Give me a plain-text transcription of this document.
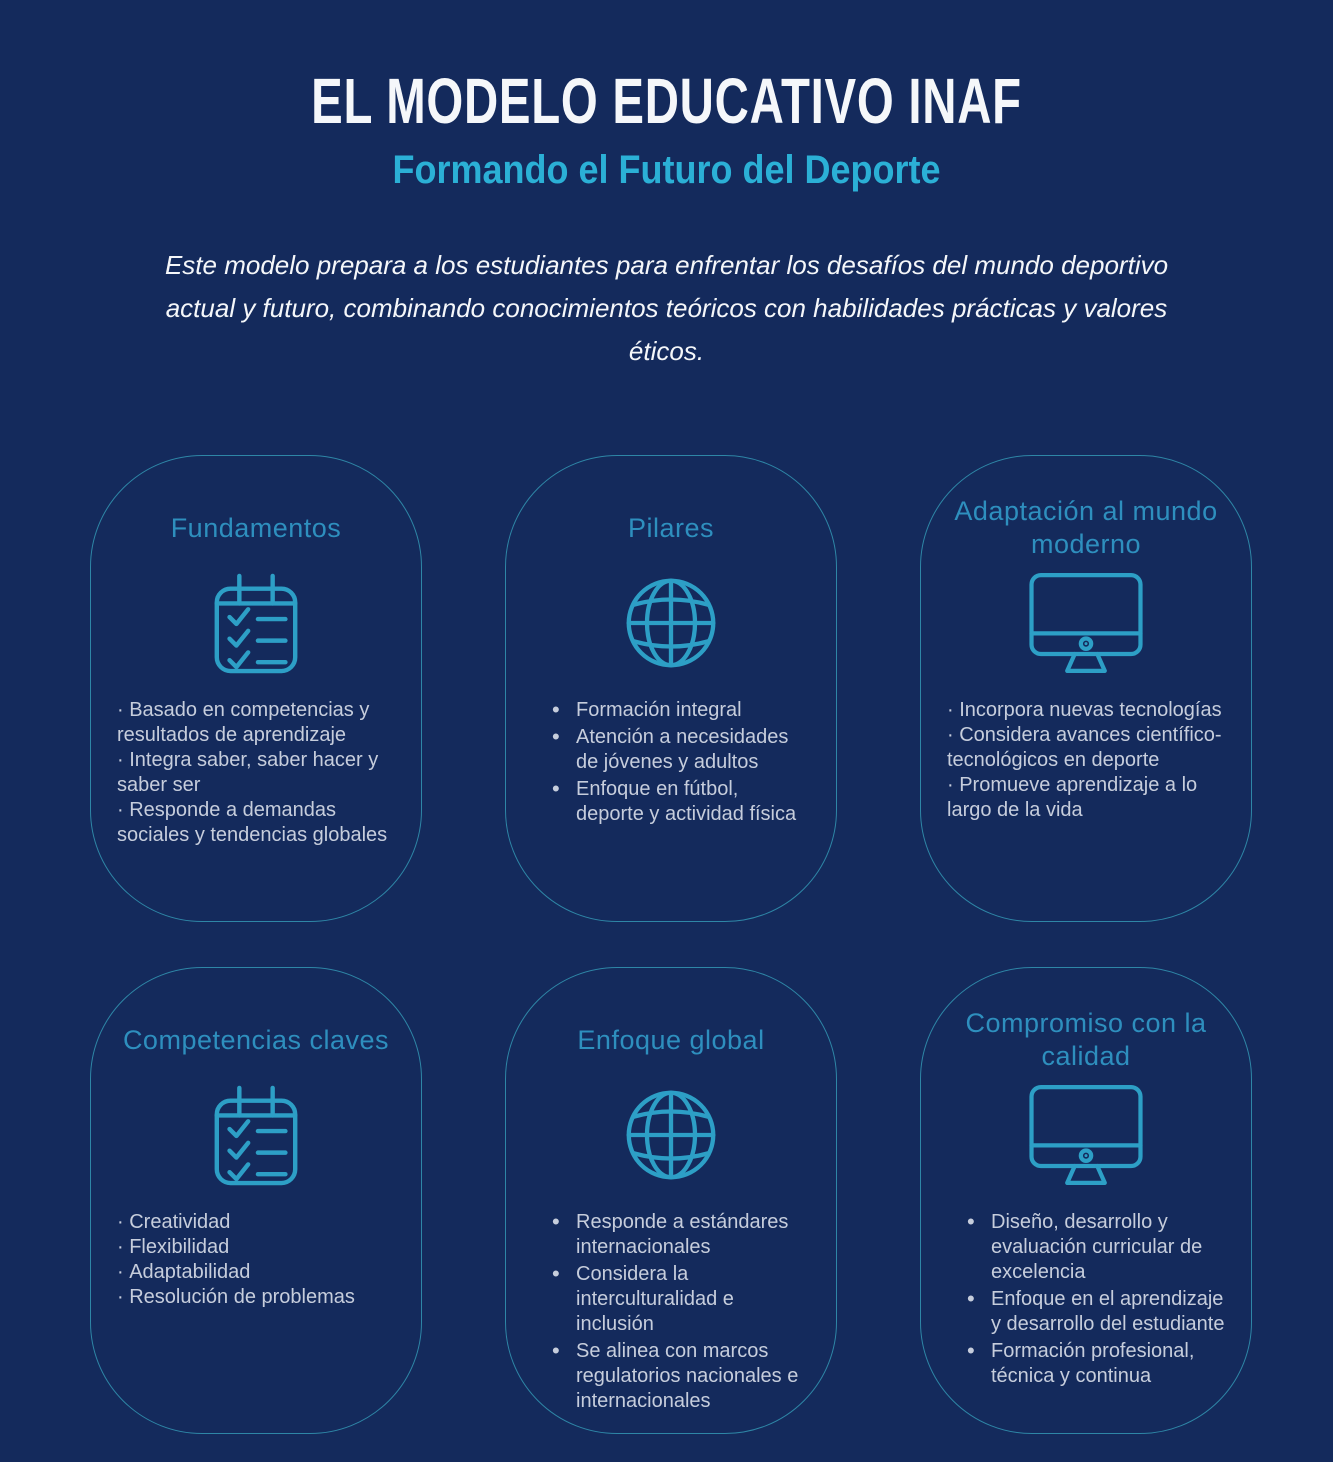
EL MODELO EDUCATIVO INAF
Formando el Futuro del Deporte

Este modelo prepara a los estudiantes para enfrentar los desafíos del mundo deportivo actual y futuro, combinando conocimientos teóricos con habilidades prácticas y valores éticos.

Fundamentos
· Basado en competencias y resultados de aprendizaje
· Integra saber, saber hacer y saber ser
· Responde a demandas sociales y tendencias globales
Pilares
• Formación integral
• Atención a necesidades de jóvenes y adultos
• Enfoque en fútbol, deporte y actividad física
Adaptación al mundo moderno
· Incorpora nuevas tecnologías
· Considera avances científico-tecnológicos en deporte
· Promueve aprendizaje a lo largo de la vida
Competencias claves
· Creatividad
· Flexibilidad
· Adaptabilidad
· Resolución de problemas
Enfoque global
• Responde a estándares internacionales
• Considera la interculturalidad e inclusión
• Se alinea con marcos regulatorios nacionales e internacionales
Compromiso con la calidad
• Diseño, desarrollo y evaluación curricular de excelencia
• Enfoque en el aprendizaje y desarrollo del estudiante
• Formación profesional, técnica y continua
